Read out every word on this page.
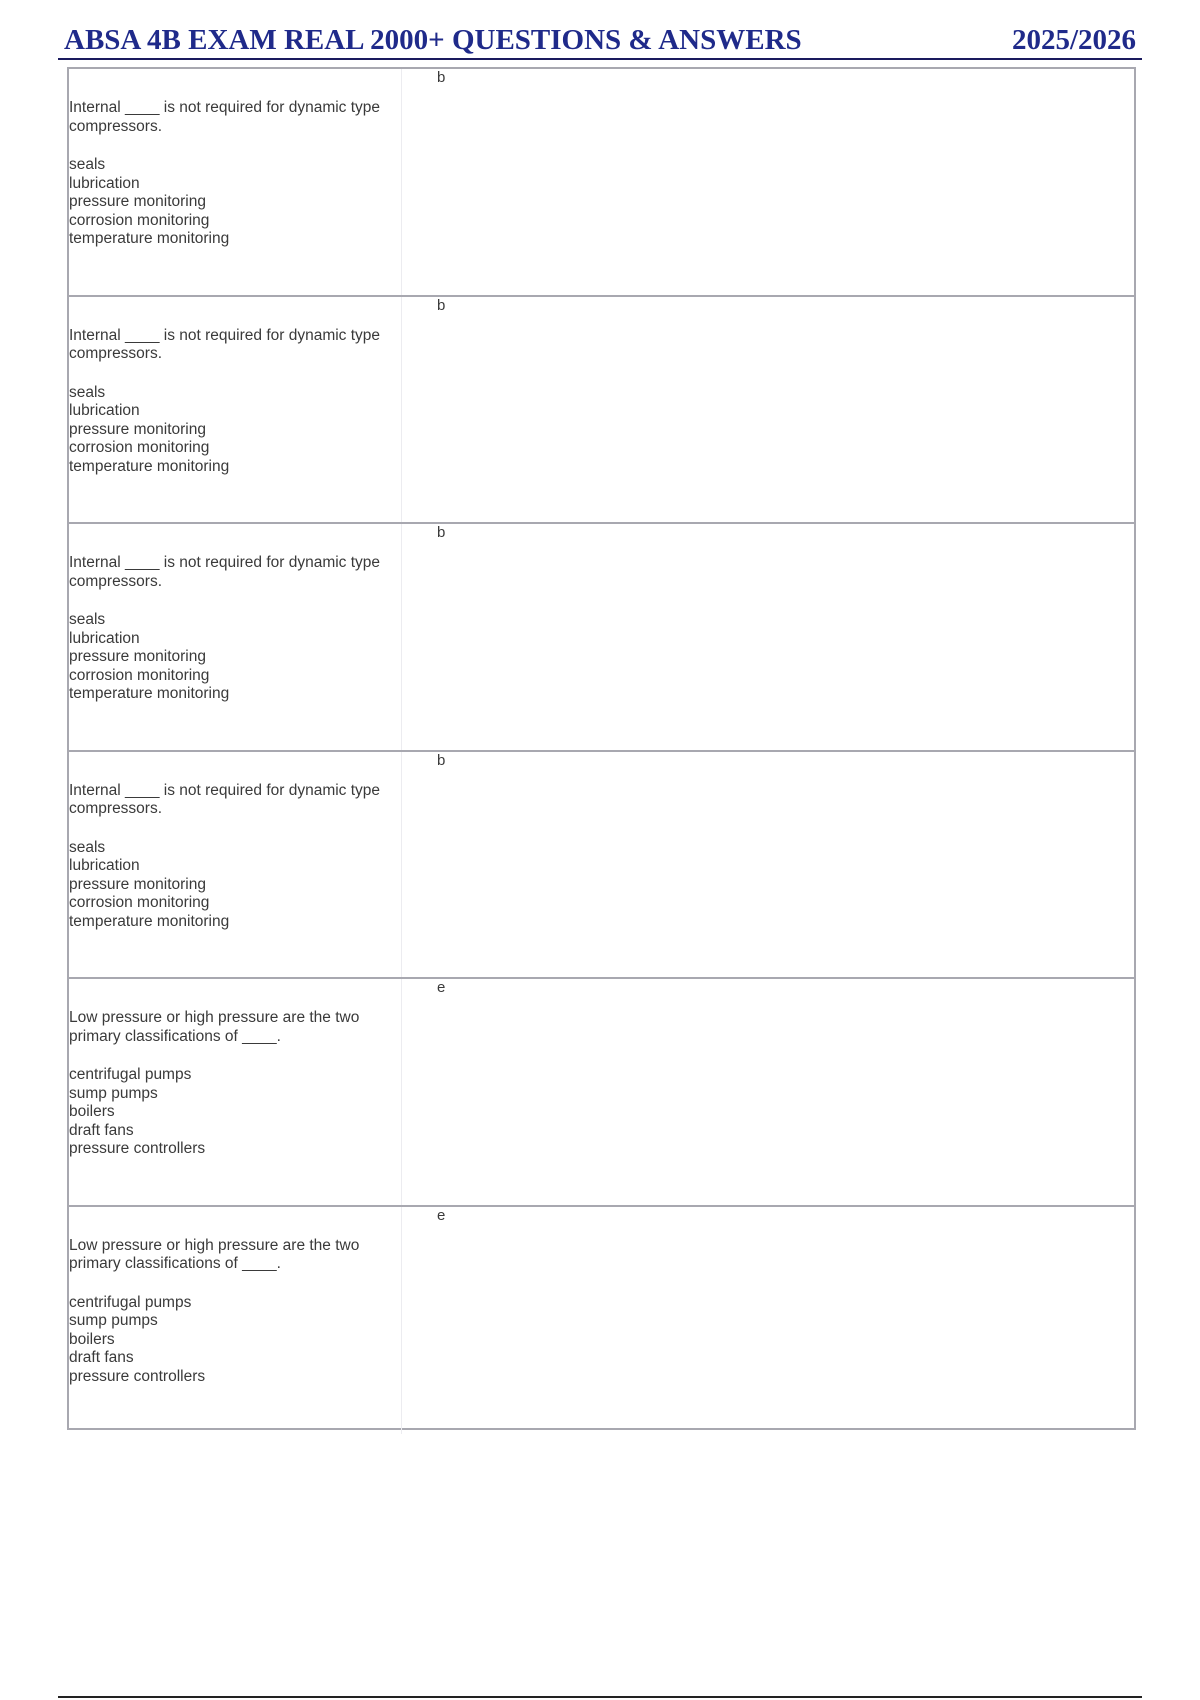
ABSA 4B EXAM REAL 2000+ QUESTIONS & ANSWERS	2025/2026
Internal ____ is not required for dynamic type compressors.
seals
lubrication
pressure monitoring
corrosion monitoring
temperature monitoring
b
Internal ____ is not required for dynamic type compressors.
seals
lubrication
pressure monitoring
corrosion monitoring
temperature monitoring
b
Internal ____ is not required for dynamic type compressors.
seals
lubrication
pressure monitoring
corrosion monitoring
temperature monitoring
b
Internal ____ is not required for dynamic type compressors.
seals
lubrication
pressure monitoring
corrosion monitoring
temperature monitoring
b
Low pressure or high pressure are the two primary classifications of ____.
centrifugal pumps
sump pumps
boilers
draft fans
pressure controllers
e
Low pressure or high pressure are the two primary classifications of ____.
centrifugal pumps
sump pumps
boilers
draft fans
pressure controllers
e
